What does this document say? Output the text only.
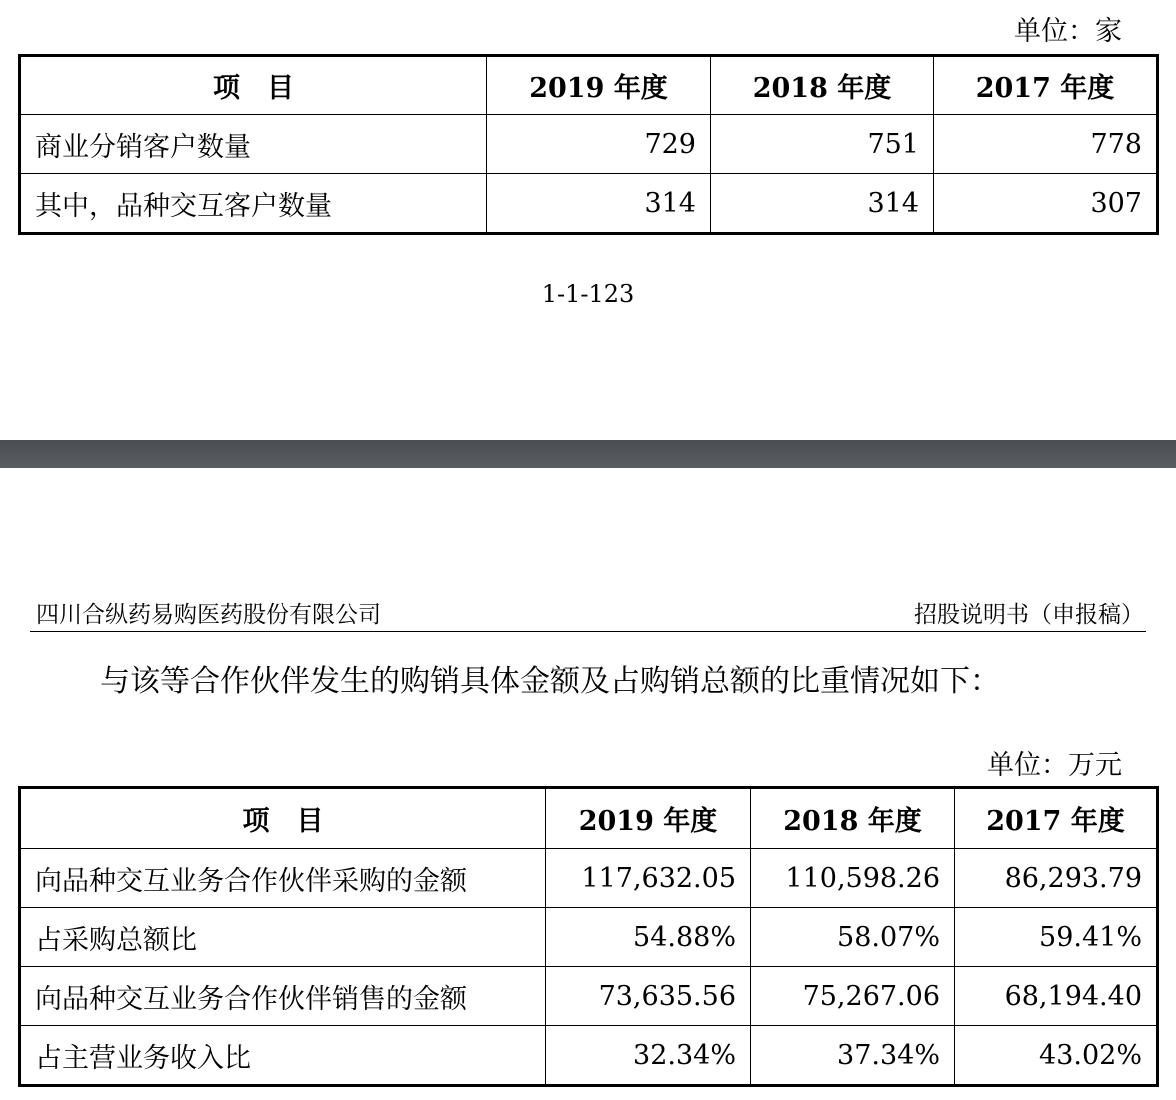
单位：家
项　目	2019 年度	2018 年度	2017 年度
商业分销客户数量	729	751	778
其中，品种交互客户数量	314	314	307
1-1-123
四川合纵药易购医药股份有限公司	招股说明书（申报稿）
与该等合作伙伴发生的购销具体金额及占购销总额的比重情况如下：
单位：万元
项　目	2019 年度	2018 年度	2017 年度
向品种交互业务合作伙伴采购的金额	117,632.05	110,598.26	86,293.79
占采购总额比	54.88%	58.07%	59.41%
向品种交互业务合作伙伴销售的金额	73,635.56	75,267.06	68,194.40
占主营业务收入比	32.34%	37.34%	43.02%
